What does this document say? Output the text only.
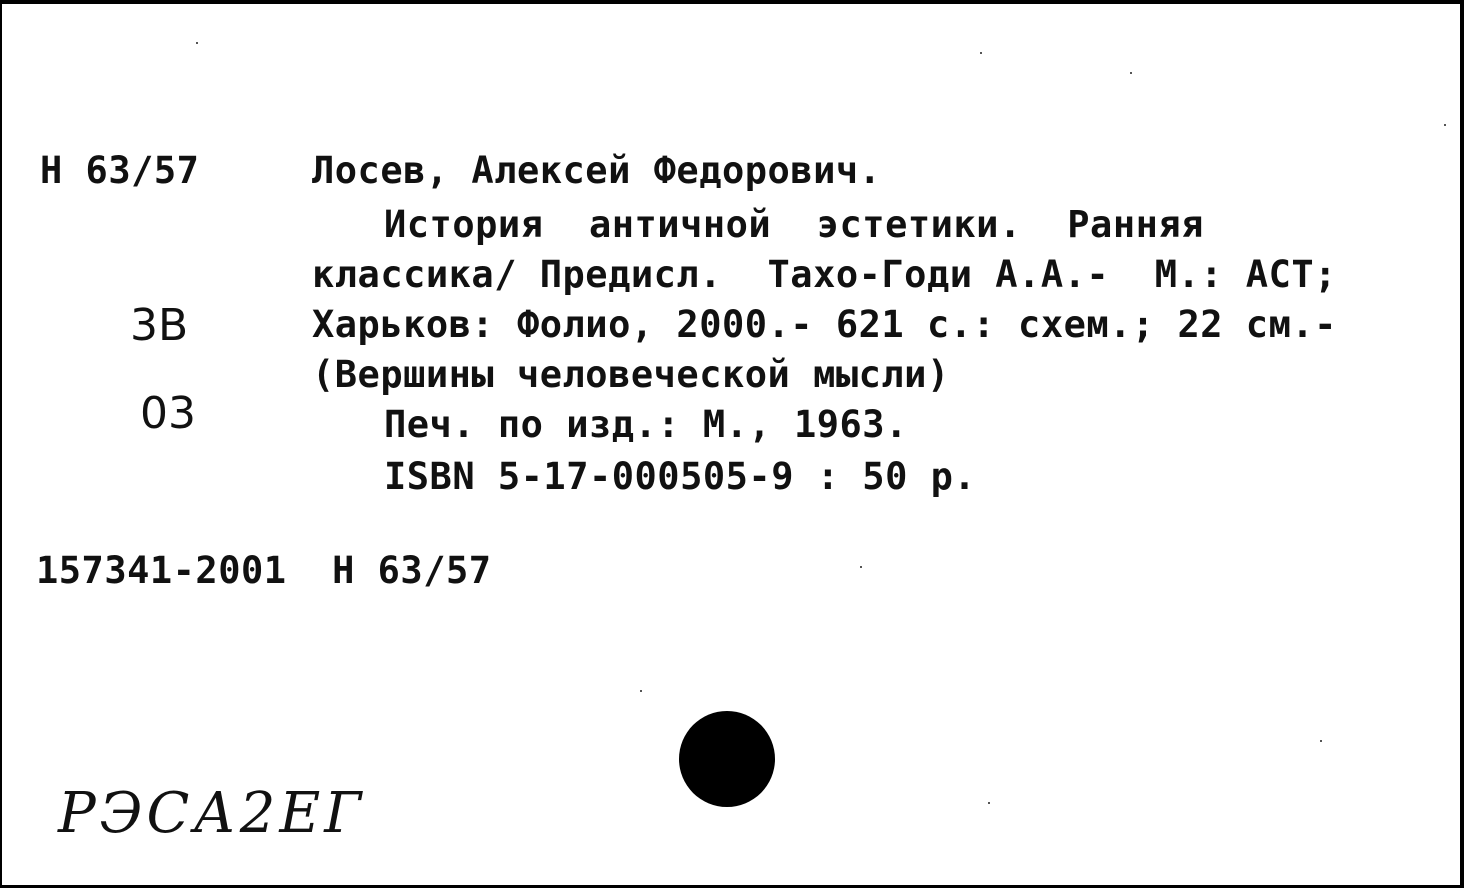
Н 63/57	Лосев, Алексей Федорович.
История  античной  эстетики.  Ранняя
классика/ Предисл.  Тахо-Годи А.А.-  М.: АСТ;
Харьков: Фолио, 2000.- 621 с.: схем.; 22 см.-
(Вершины человеческой мысли)
Печ. по изд.: М., 1963.
ISBN 5-17-000505-9 : 50 р.
157341-2001  Н 63/57
3В
03
РЭСА2ЕГ
